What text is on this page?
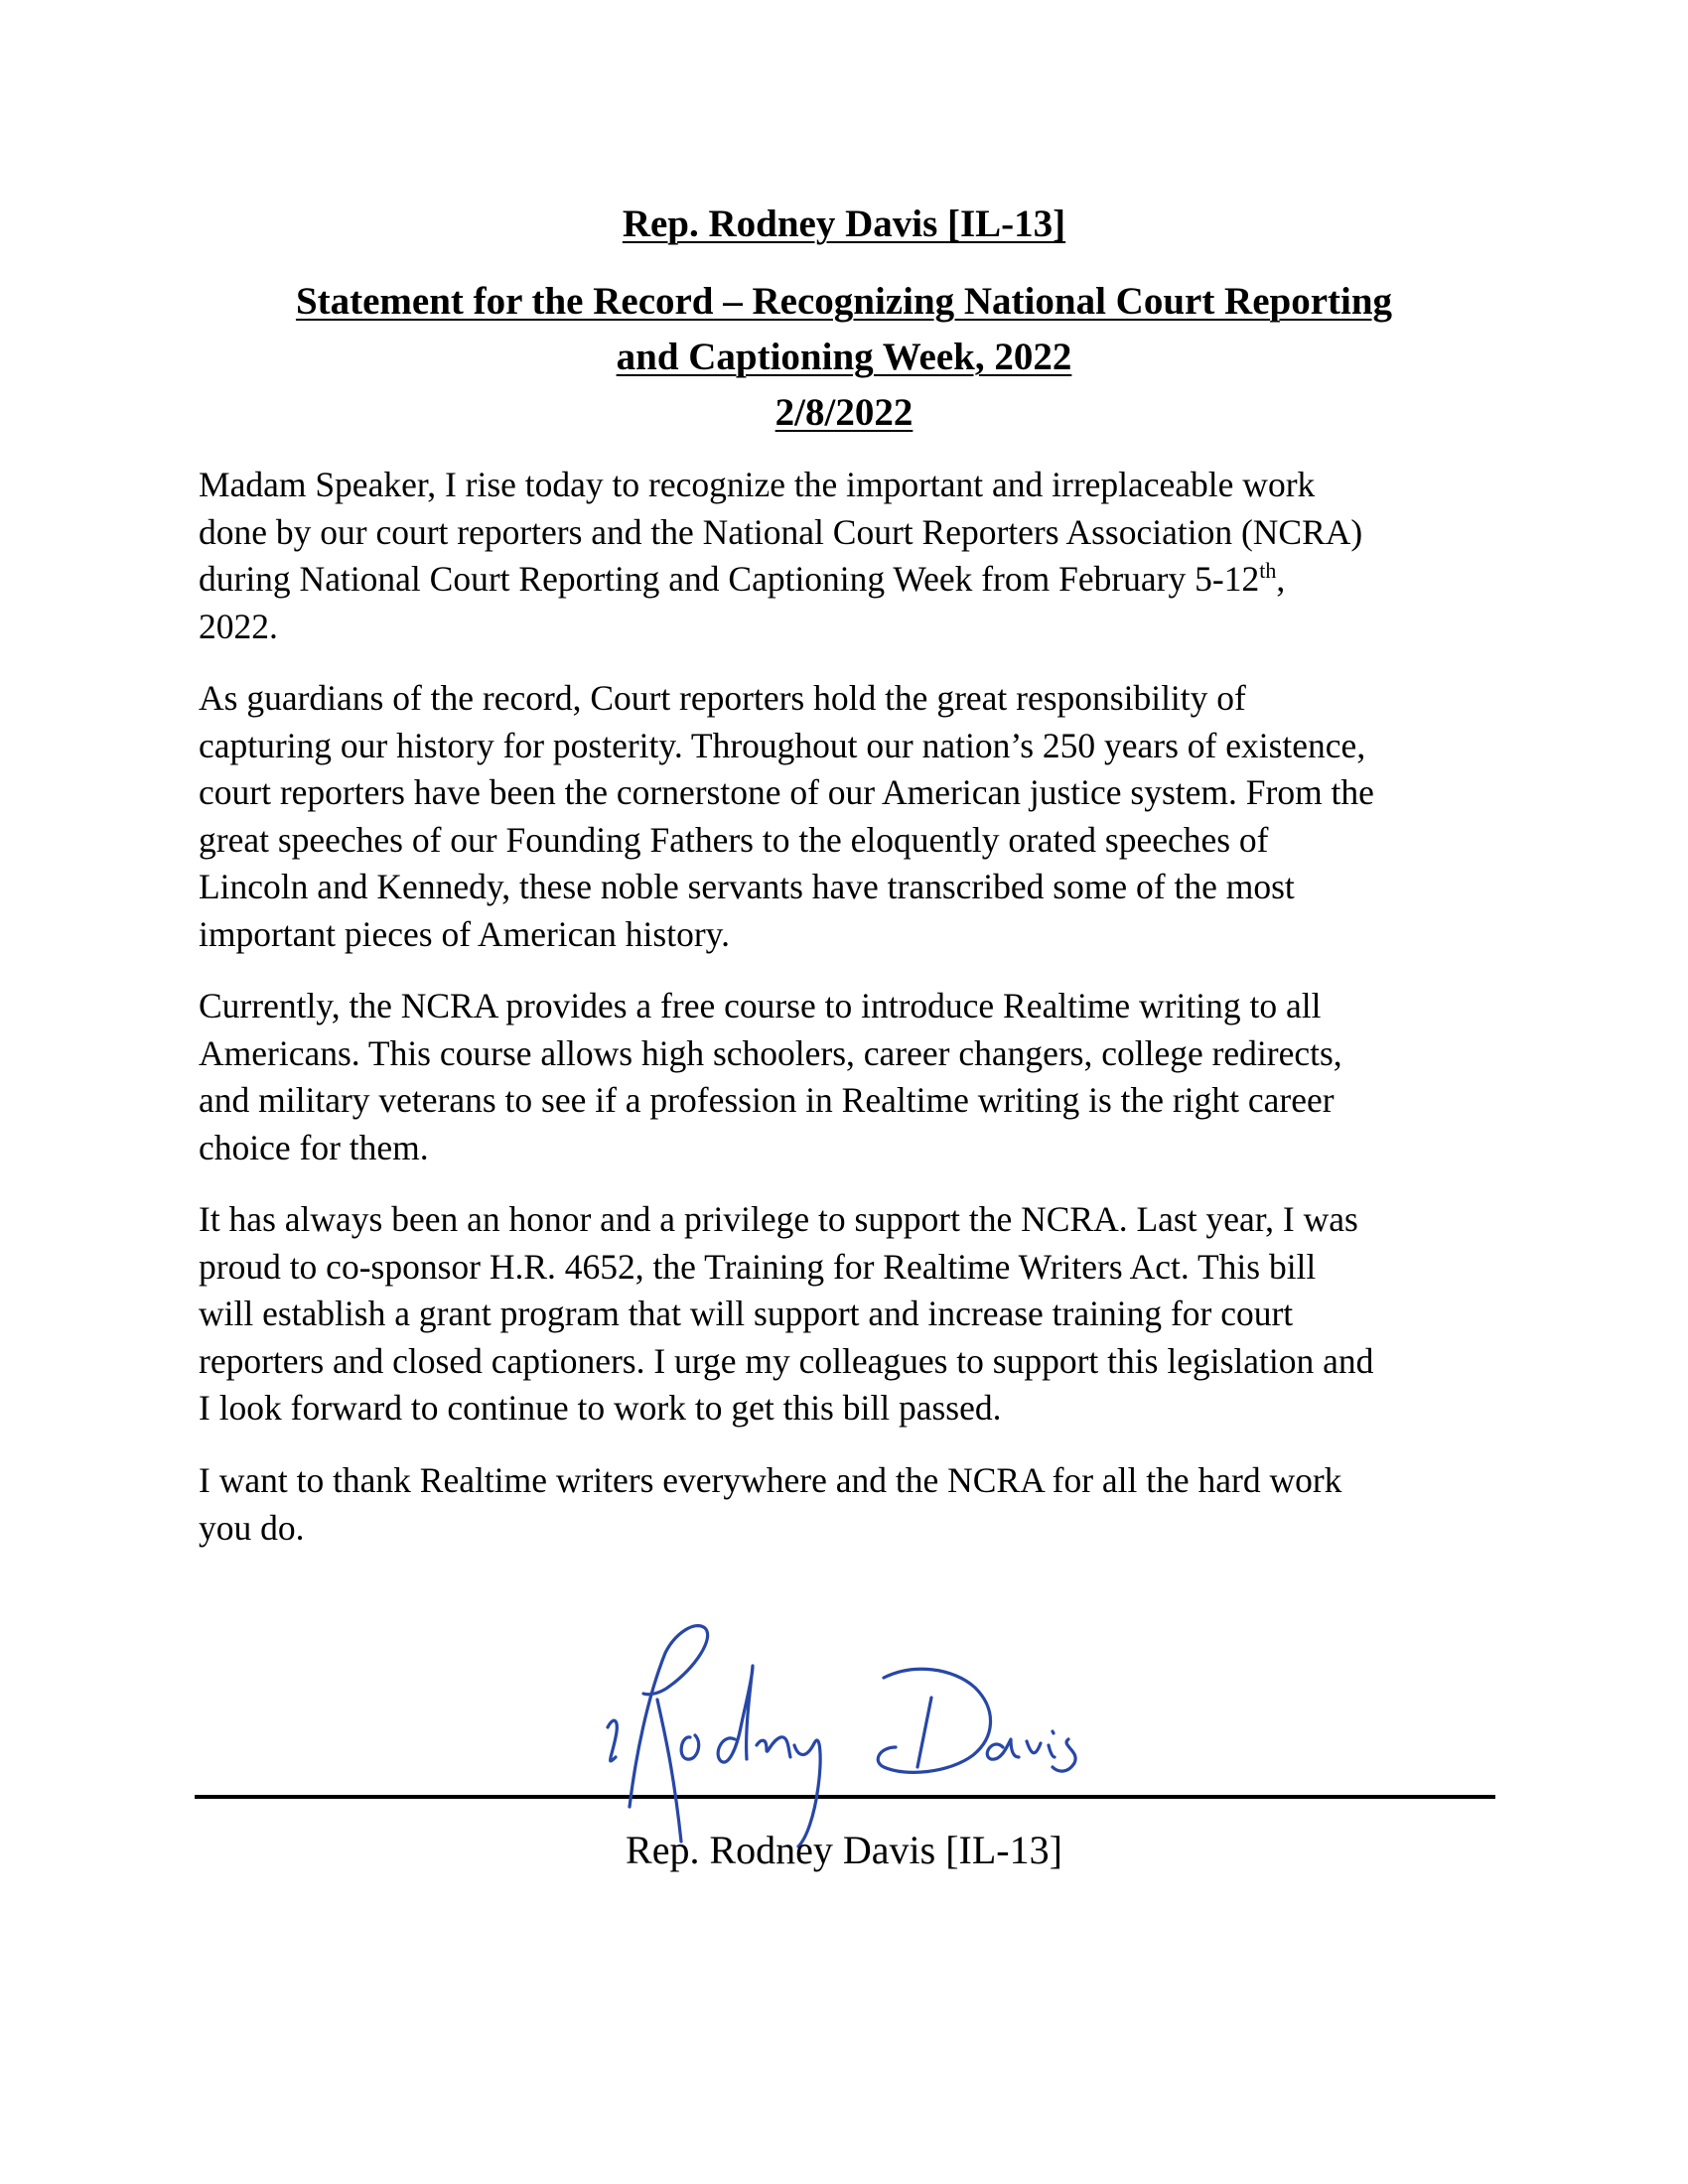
Rep. Rodney Davis [IL-13]
Statement for the Record – Recognizing National Court Reporting
and Captioning Week, 2022
2/8/2022

Madam Speaker, I rise today to recognize the important and irreplaceable work
done by our court reporters and the National Court Reporters Association (NCRA)
during National Court Reporting and Captioning Week from February 5-12th,
2022.

As guardians of the record, Court reporters hold the great responsibility of
capturing our history for posterity. Throughout our nation’s 250 years of existence,
court reporters have been the cornerstone of our American justice system. From the
great speeches of our Founding Fathers to the eloquently orated speeches of
Lincoln and Kennedy, these noble servants have transcribed some of the most
important pieces of American history.

Currently, the NCRA provides a free course to introduce Realtime writing to all
Americans. This course allows high schoolers, career changers, college redirects,
and military veterans to see if a profession in Realtime writing is the right career
choice for them.

It has always been an honor and a privilege to support the NCRA. Last year, I was
proud to co-sponsor H.R. 4652, the Training for Realtime Writers Act. This bill
will establish a grant program that will support and increase training for court
reporters and closed captioners. I urge my colleagues to support this legislation and
I look forward to continue to work to get this bill passed.

I want to thank Realtime writers everywhere and the NCRA for all the hard work
you do.

Rep. Rodney Davis [IL-13]
